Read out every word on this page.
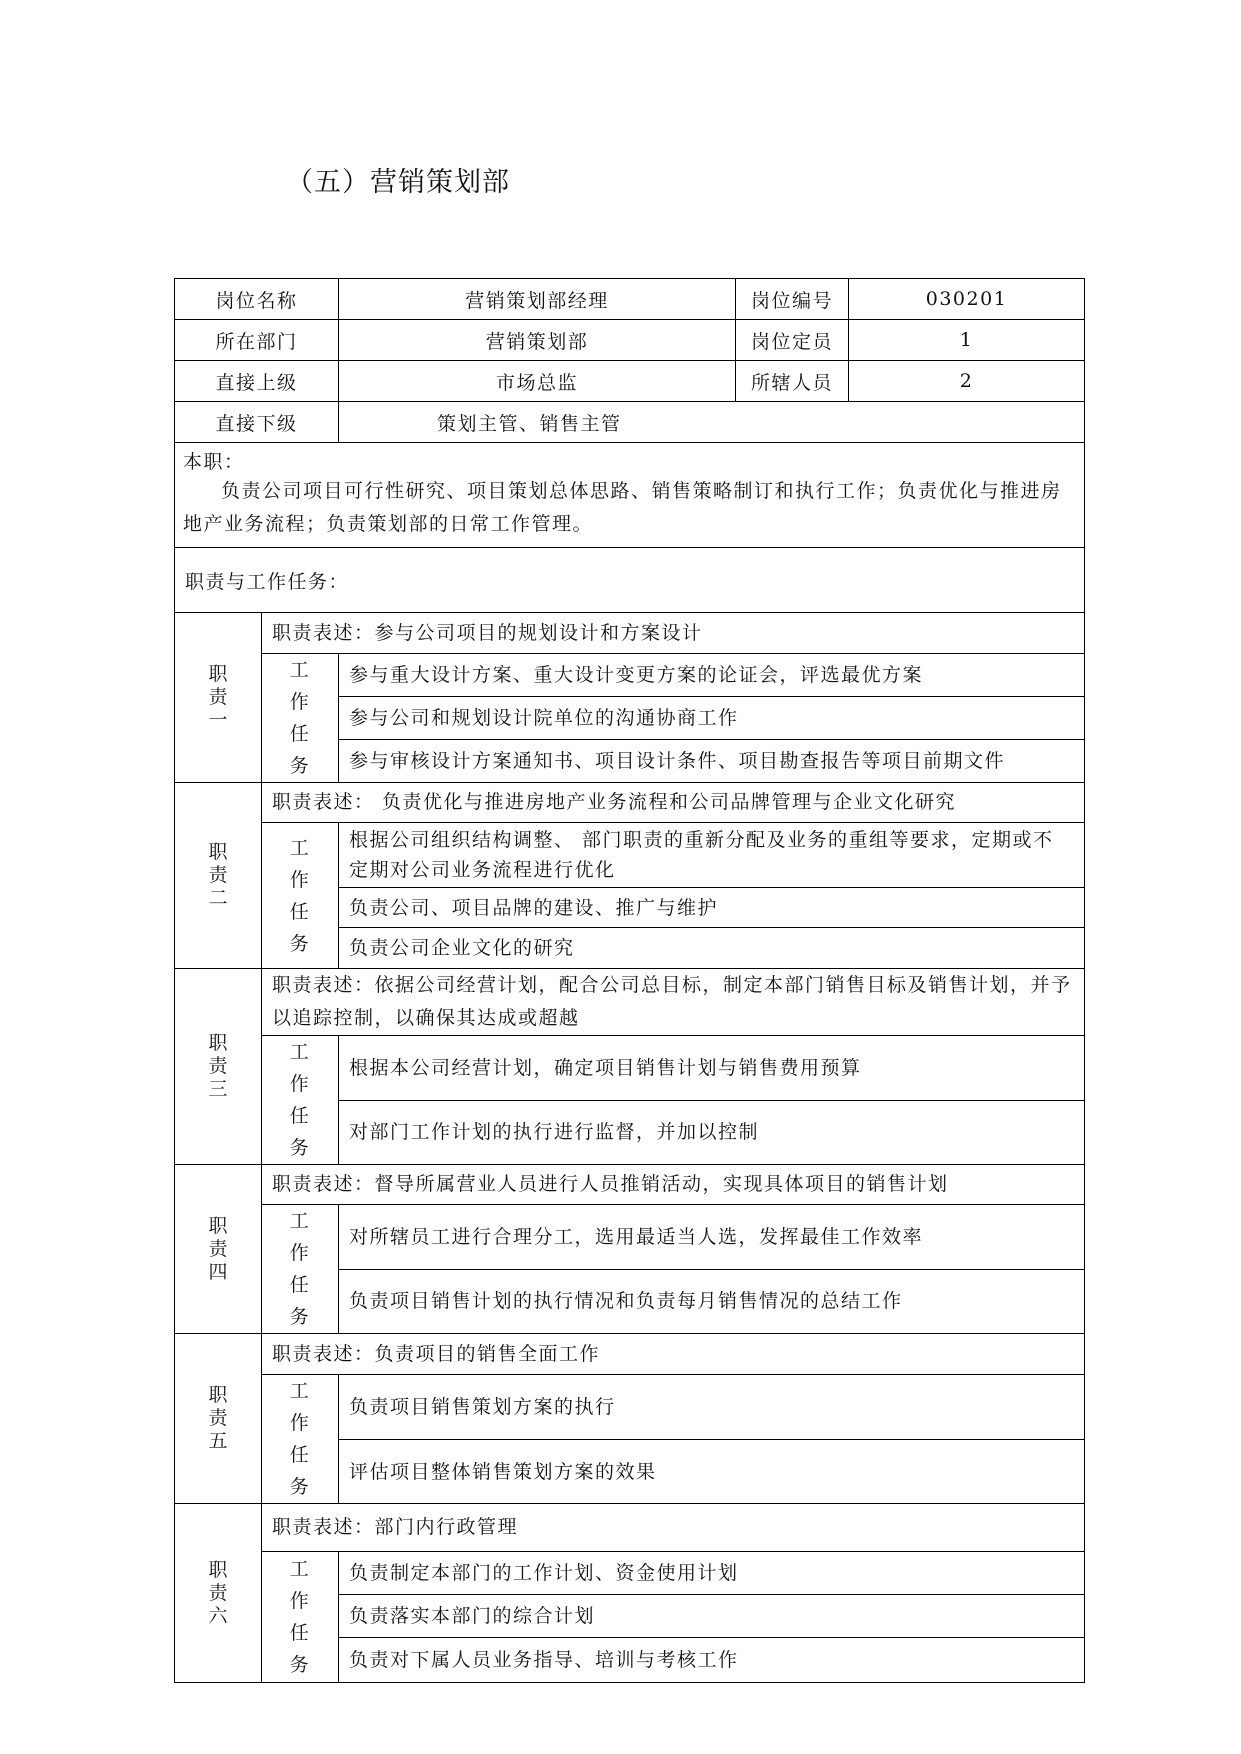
（五）营销策划部
岗位名称		营销策划部经理	岗位编号	030201
所在部门		营销策划部	岗位定员	1
直接上级		市场总监	所辖人员	2
直接下级		策划主管、销售主管		

本职：
负责公司项目可行性研究、项目策划总体思路、销售策略制订和执行工作；负责优化与推进房地产业务流程；负责策划部的日常工作管理。				

职责与工作任务：				

职责一	职责表述：参与公司项目的规划设计和方案设计			

	工作任务	参与重大设计方案、重大设计变更方案的论证会，评选最优方案		
		参与公司和规划设计院单位的沟通协商工作		
		参与审核设计方案通知书、项目设计条件、项目勘查报告等项目前期文件		

职责二	职责表述： 负责优化与推进房地产业务流程和公司品牌管理与企业文化研究			

	工作任务	根据公司组织结构调整、 部门职责的重新分配及业务的重组等要求，定期或不定期对公司业务流程进行优化		
		负责公司、项目品牌的建设、推广与维护		
		负责公司企业文化的研究		

职责三	职责表述：依据公司经营计划，配合公司总目标，制定本部门销售目标及销售计划，并予以追踪控制，以确保其达成或超越			

	工作任务	根据本公司经营计划，确定项目销售计划与销售费用预算		
		对部门工作计划的执行进行监督，并加以控制		

职责四	职责表述：督导所属营业人员进行人员推销活动，实现具体项目的销售计划			

	工作任务	对所辖员工进行合理分工，选用最适当人选，发挥最佳工作效率		
		负责项目销售计划的执行情况和负责每月销售情况的总结工作		

职责五	职责表述：负责项目的销售全面工作			

	工作任务	负责项目销售策划方案的执行		
		评估项目整体销售策划方案的效果		

职责六	职责表述：部门内行政管理			

	工作任务	负责制定本部门的工作计划、资金使用计划		
		负责落实本部门的综合计划		
		负责对下属人员业务指导、培训与考核工作		
